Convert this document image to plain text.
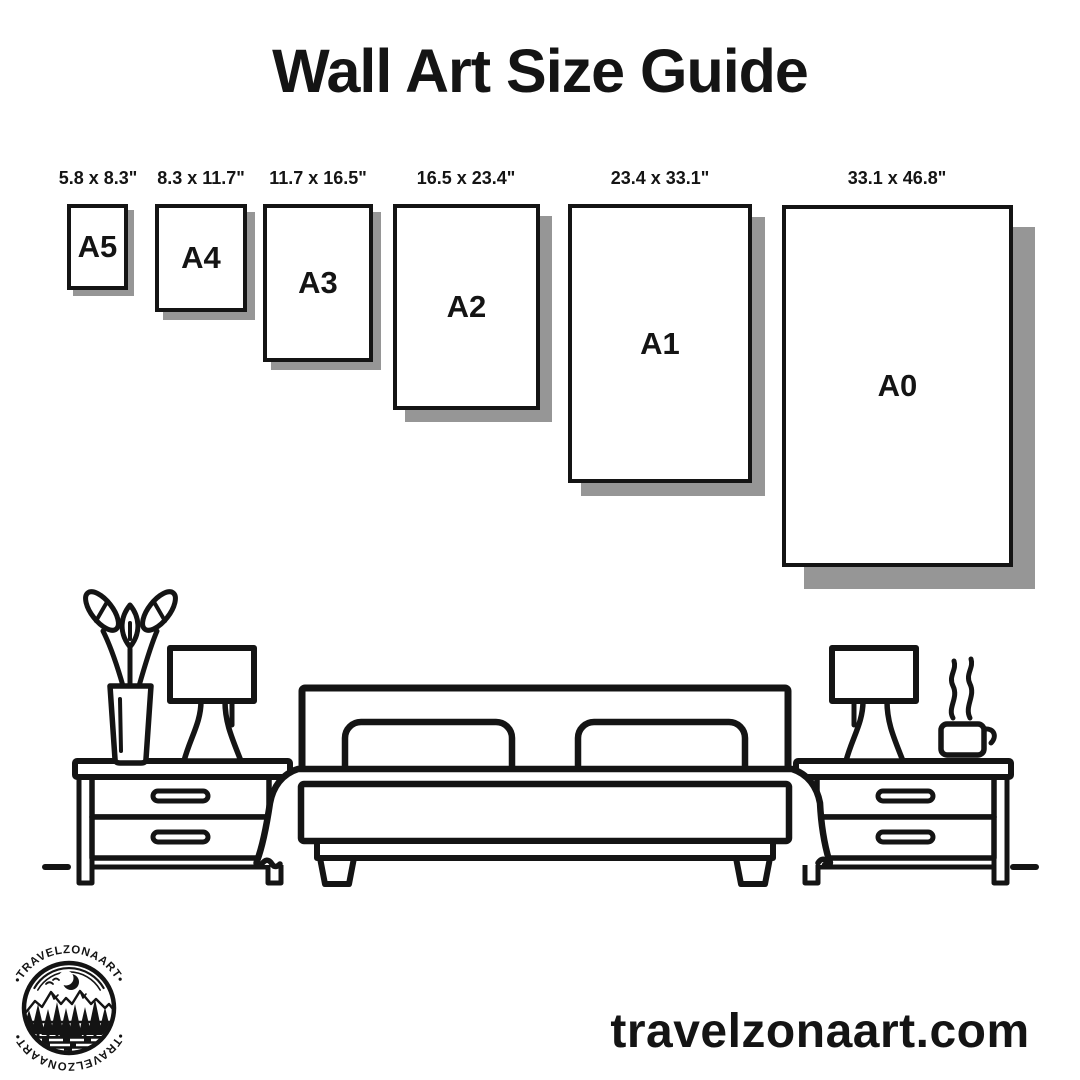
Wall Art Size Guide
5.8 x 8.3"	8.3 x 11.7"	11.7 x 16.5"	16.5 x 23.4"	23.4 x 33.1"	33.1 x 46.8"
A5 A4
A3
A2
A1
A0
•TRAVELZONAART•
•TRAVELZONAART•	travelzonaart.com
